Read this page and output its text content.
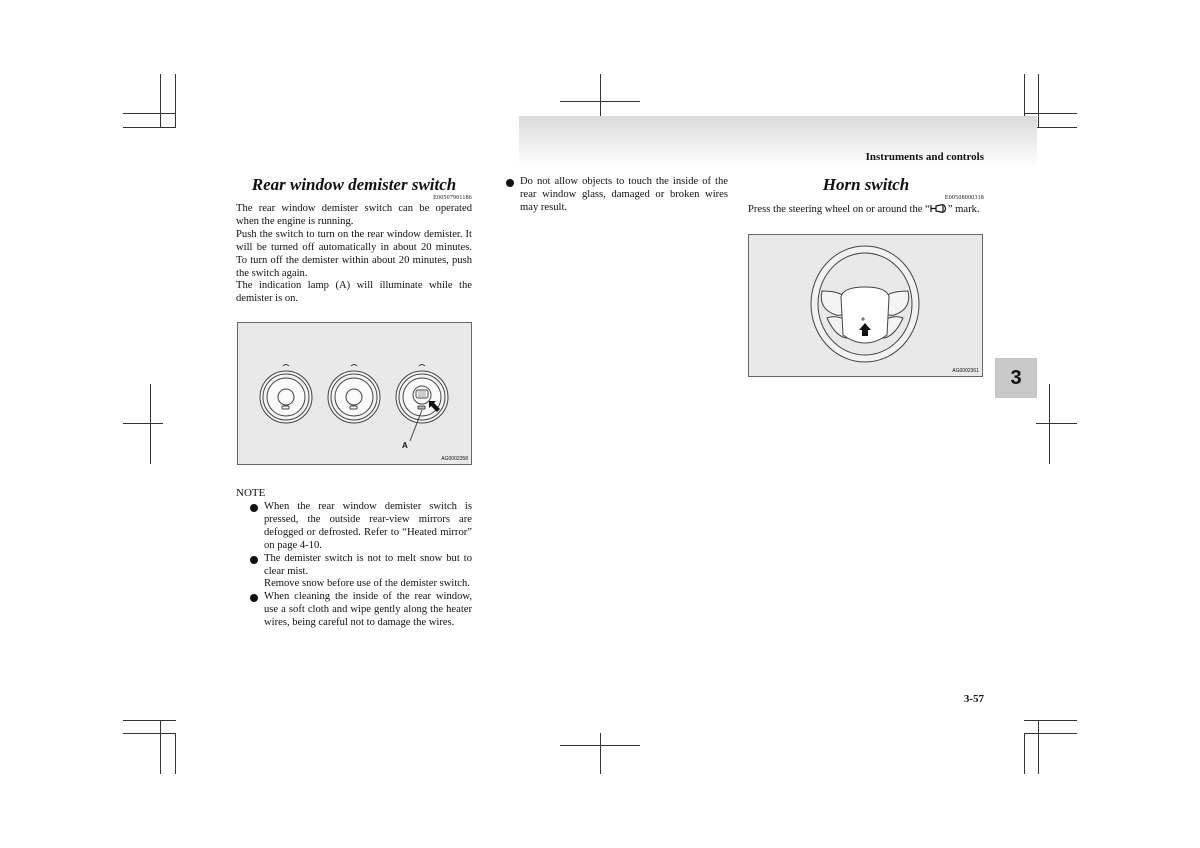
Instruments and controls
Rear window demister switch
E00507901186

The rear window demister switch can be operated when the engine is running.

Push the switch to turn on the rear window demister. It will be turned off automatically in about 20 minutes. To turn off the demister within about 20 minutes, push the switch again.

The indication lamp (A) will illuminate while the demister is on.

A
AG0002358
NOTE
When the rear window demister switch is pressed, the outside rear-view mirrors are defogged or defrosted. Refer to “Heated mirror” on page 4-10.
The demister switch is not to melt snow but to clear mist.
Remove snow before use of the demister switch.
When cleaning the inside of the rear window, use a soft cloth and wipe gently along the heater wires, being careful not to damage the wires.
Do not allow objects to touch the inside of the rear window glass, damaged or broken wires may result.
Horn switch
E00508000318
Press the steering wheel on or around the “ ” mark.
AG0002361	3
3-57
